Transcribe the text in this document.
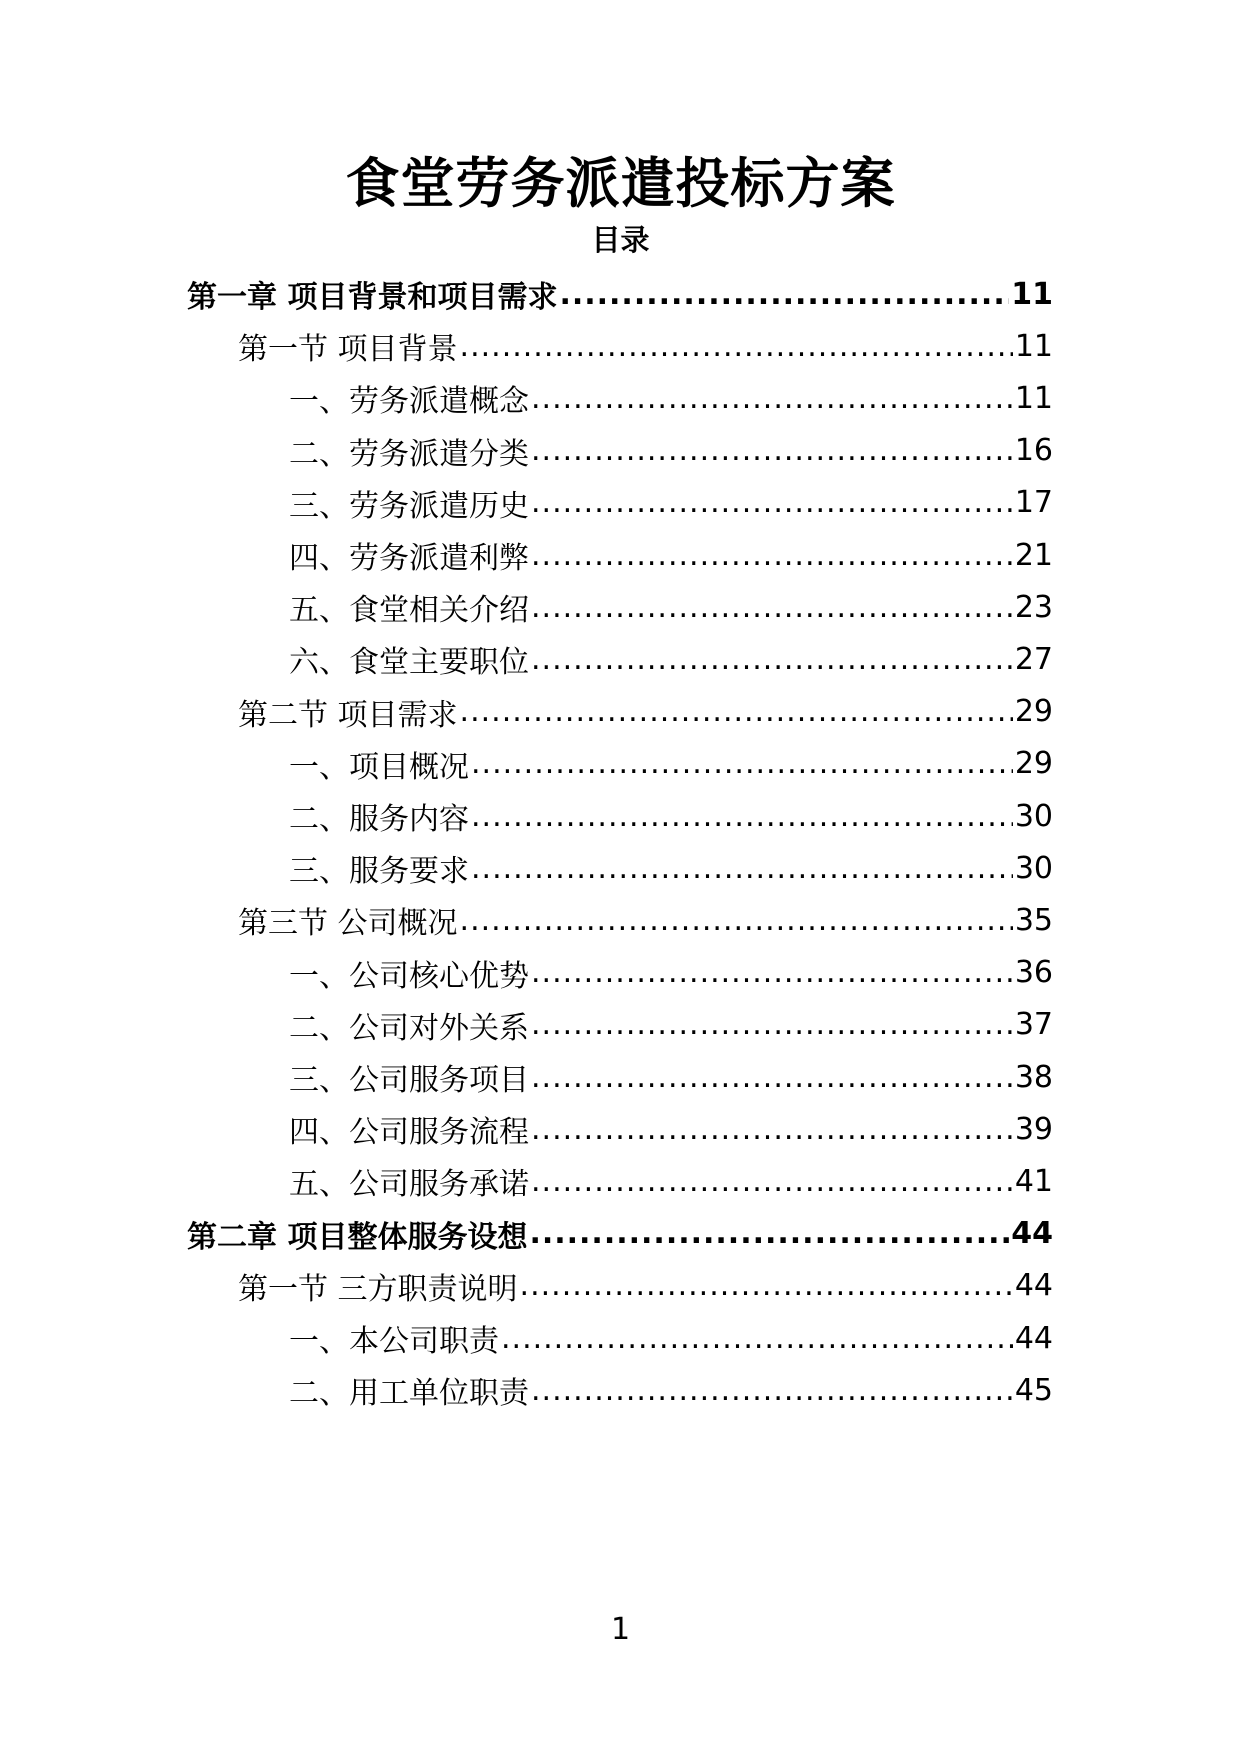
食堂劳务派遣投标方案
目录
第一章 项目背景和项目需求 .....	11
第一节 项目背景 .....	11
一、劳务派遣概念 .....	11
二、劳务派遣分类 .....	16
三、劳务派遣历史 .....	17
四、劳务派遣利弊 .....	21
五、食堂相关介绍 .....	23
六、食堂主要职位 .....	27
第二节 项目需求 .....	29
一、项目概况 .....	29
二、服务内容 .....	30
三、服务要求 .....	30
第三节 公司概况 .....	35
一、公司核心优势 .....	36
二、公司对外关系 .....	37
三、公司服务项目 .....	38
四、公司服务流程 .....	39
五、公司服务承诺 .....	41
第二章 项目整体服务设想 .....	44
第一节 三方职责说明 .....	44
一、本公司职责 .....	44
二、用工单位职责 .....	45
1
